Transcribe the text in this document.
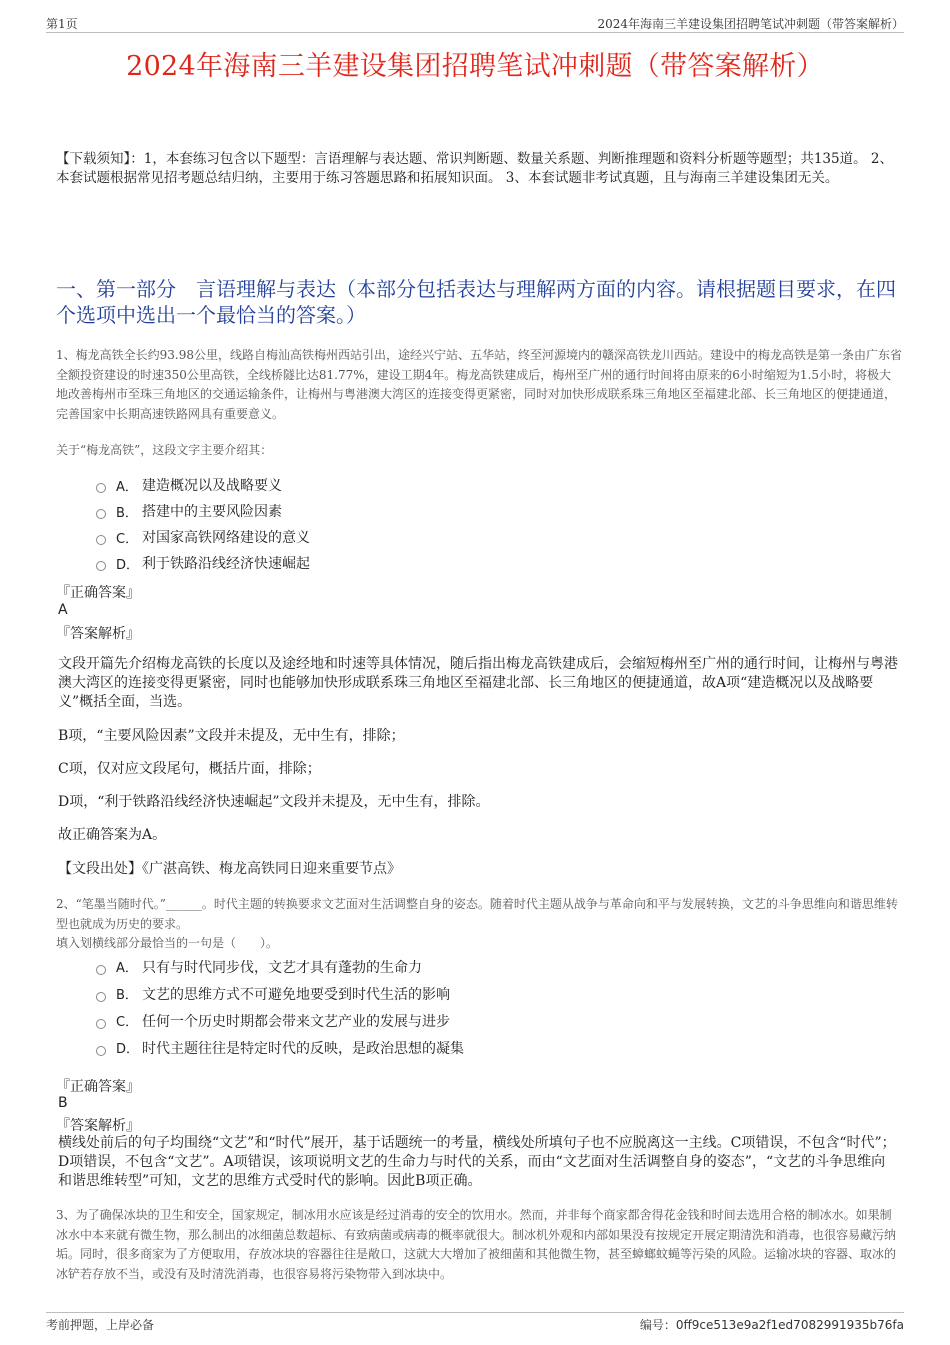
第1页	2024年海南三羊建设集团招聘笔试冲刺题（带答案解析）
2024年海南三羊建设集团招聘笔试冲刺题（带答案解析）
【下载须知】：1，本套练习包含以下题型：言语理解与表达题、常识判断题、数量关系题、判断推理题和资料分析题等题型；共135道。 2、本套试题根据常见招考题总结归纳，主要用于练习答题思路和拓展知识面。 3、本套试题非考试真题，且与海南三羊建设集团无关。
一、第一部分　言语理解与表达（本部分包括表达与理解两方面的内容。请根据题目要求，在四个选项中选出一个最恰当的答案。）
1、梅龙高铁全长约93.98公里，线路自梅汕高铁梅州西站引出，途经兴宁站、五华站，终至河源境内的赣深高铁龙川西站。建设中的梅龙高铁是第一条由广东省全额投资建设的时速350公里高铁，全线桥隧比达81.77%，建设工期4年。梅龙高铁建成后，梅州至广州的通行时间将由原来的6小时缩短为1.5小时，将极大地改善梅州市至珠三角地区的交通运输条件，让梅州与粤港澳大湾区的连接变得更紧密，同时对加快形成联系珠三角地区至福建北部、长三角地区的便捷通道，完善国家中长期高速铁路网具有重要意义。
关于“梅龙高铁”，这段文字主要介绍其：
A． 建造概况以及战略要义
B． 搭建中的主要风险因素
C． 对国家高铁网络建设的意义
D． 利于铁路沿线经济快速崛起
『正确答案』
A
『答案解析』
文段开篇先介绍梅龙高铁的长度以及途经地和时速等具体情况，随后指出梅龙高铁建成后，会缩短梅州至广州的通行时间，让梅州与粤港澳大湾区的连接变得更紧密，同时也能够加快形成联系珠三角地区至福建北部、长三角地区的便捷通道，故A项“建造概况以及战略要义”概括全面，当选。
B项，“主要风险因素”文段并未提及，无中生有，排除；
C项，仅对应文段尾句，概括片面，排除；
D项，“利于铁路沿线经济快速崛起”文段并未提及，无中生有，排除。
故正确答案为A。
【文段出处】《广湛高铁、梅龙高铁同日迎来重要节点》
2、“笔墨当随时代。”______。时代主题的转换要求文艺面对生活调整自身的姿态。随着时代主题从战争与革命向和平与发展转换，文艺的斗争思维向和谐思维转型也就成为历史的要求。
填入划横线部分最恰当的一句是（　　）。
A． 只有与时代同步伐，文艺才具有蓬勃的生命力
B． 文艺的思维方式不可避免地要受到时代生活的影响
C． 任何一个历史时期都会带来文艺产业的发展与进步
D． 时代主题往往是特定时代的反映，是政治思想的凝集
『正确答案』
B
『答案解析』
横线处前后的句子均围绕“文艺”和“时代”展开，基于话题统一的考量，横线处所填句子也不应脱离这一主线。C项错误，不包含“时代”；D项错误，不包含“文艺”。A项错误，该项说明文艺的生命力与时代的关系，而由“文艺面对生活调整自身的姿态”，“文艺的斗争思维向和谐思维转型”可知，文艺的思维方式受时代的影响。因此B项正确。
3、为了确保冰块的卫生和安全，国家规定，制冰用水应该是经过消毒的安全的饮用水。然而，并非每个商家都舍得花金钱和时间去选用合格的制冰水。如果制冰水中本来就有微生物，那么制出的冰细菌总数超标、有致病菌或病毒的概率就很大。制冰机外观和内部如果没有按规定开展定期清洗和消毒，也很容易藏污纳垢。同时，很多商家为了方便取用，存放冰块的容器往往是敞口，这就大大增加了被细菌和其他微生物，甚至蟑螂蚊蝇等污染的风险。运输冰块的容器、取冰的冰铲若存放不当，或没有及时清洗消毒，也很容易将污染物带入到冰块中。
考前押题，上岸必备	编号：0ff9ce513e9a2f1ed7082991935b76fa
